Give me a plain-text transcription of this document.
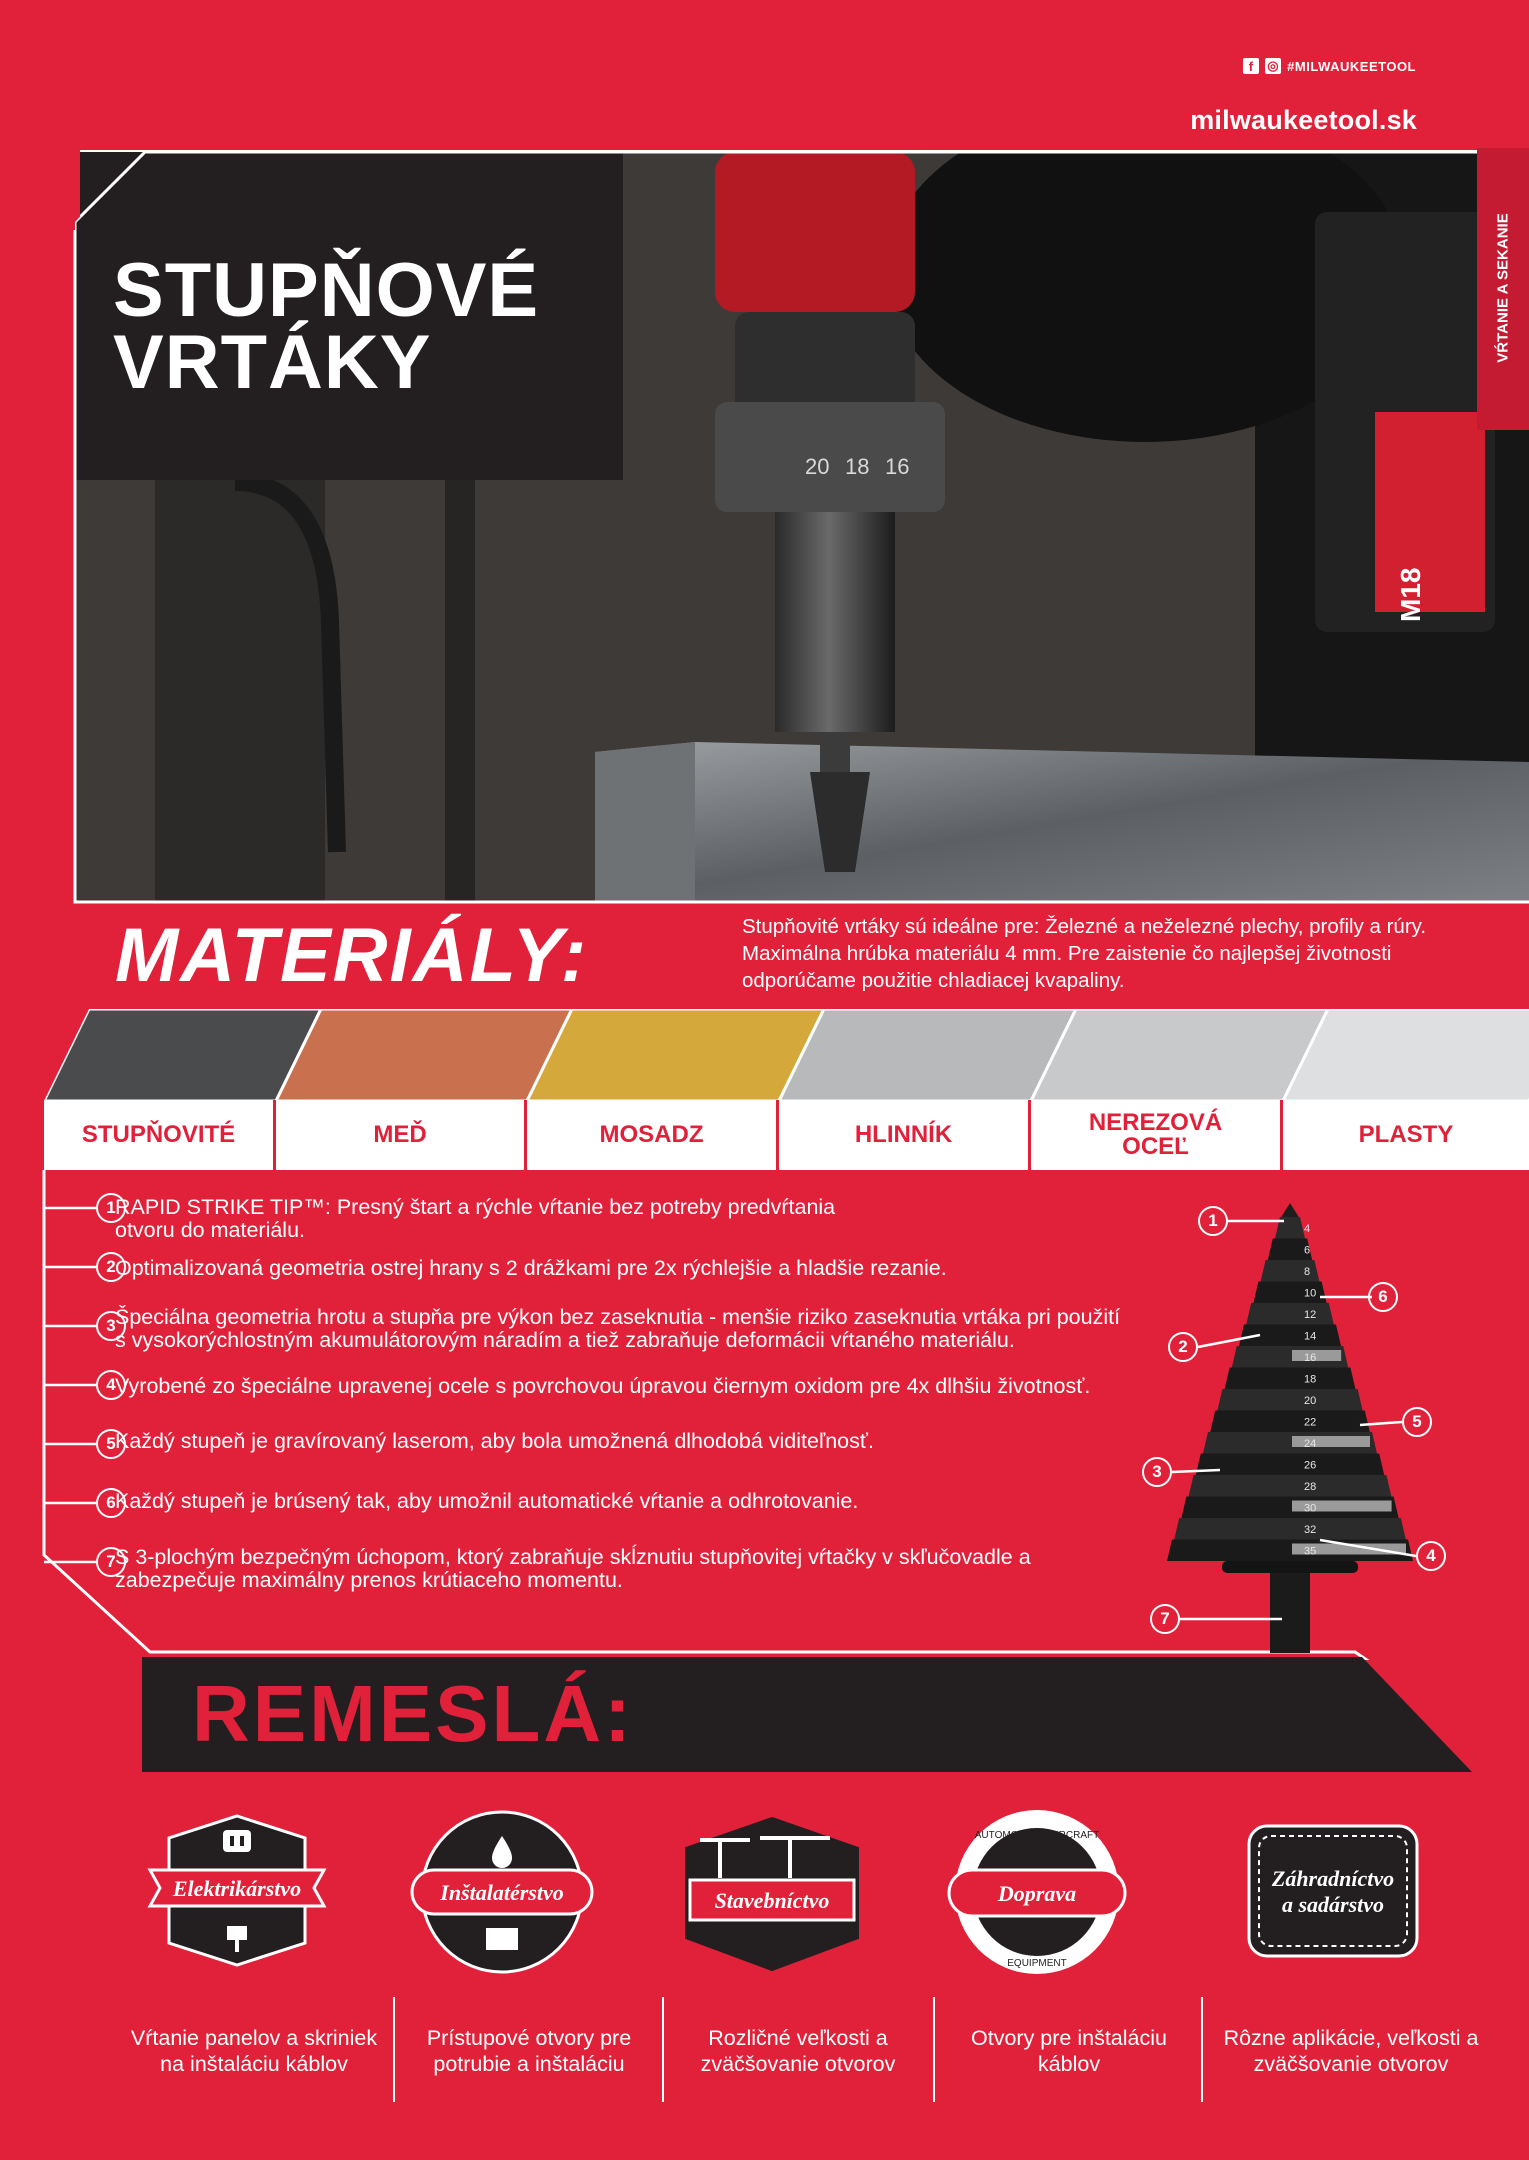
f	◎ #MILWAUKEETOOL
milwaukeetool.sk
M18
20 18 16
STUPŇOVÉ
VRTÁKY	VŔTANIE A SEKANIE
MATERIÁLY:	Stupňovité vrtáky sú ideálne pre: Železné a neželezné plechy, profily a rúry. Maximálna hrúbka materiálu 4 mm. Pre zaistenie čo najlepšej životnosti odporúčame použitie chladiacej kvapaliny.
STUPŇOVITÉ	MEĎ	MOSADZ	HLINNÍK	NEREZOVÁ OCEĽ	PLASTY
1 RAPID STRIKE TIP™: Presný štart a rýchle vŕtanie bez potreby predvŕtania otvoru do materiálu.
2 Optimalizovaná geometria ostrej hrany s 2 drážkami pre 2x rýchlejšie a hladšie rezanie.
3 Špeciálna geometria hrotu a stupňa pre výkon bez zaseknutia - menšie riziko zaseknutia vrtáka pri použití s vysokorýchlostným akumulátorovým náradím a tiež zabraňuje deformácii vŕtaného materiálu.
4 Vyrobené zo špeciálne upravenej ocele s povrchovou úpravou čiernym oxidom pre 4x dlhšiu životnosť.
5 Každý stupeň je gravírovaný laserom, aby bola umožnená dlhodobá viditeľnosť.
6 Každý stupeň je brúsený tak, aby umožnil automatické vŕtanie a odhrotovanie.
7 S 3-plochým bezpečným úchopom, ktorý zabraňuje skĺznutiu stupňovitej vŕtačky v skľučovadle a zabezpečuje maximálny prenos krútiaceho momentu.
4
6
8
10
12
14
16
18
20
22
24
26
28
30
32
35
1
6
2
5
3
4
7
REMESLÁ:
Elektrikárstvo	Inštalatérstvo	Stavebníctvo
AUTOMOTIVE • AIRCRAFT
EQUIPMENT
Doprava
Záhradníctvo
a sadárstvo
Vŕtanie panelov a skriniek
na inštaláciu káblov
Prístupové otvory pre
potrubie a inštaláciu
Rozličné veľkosti a
zväčšovanie otvorov
Otvory pre inštaláciu
káblov
Rôzne aplikácie, veľkosti a
zväčšovanie otvorov
